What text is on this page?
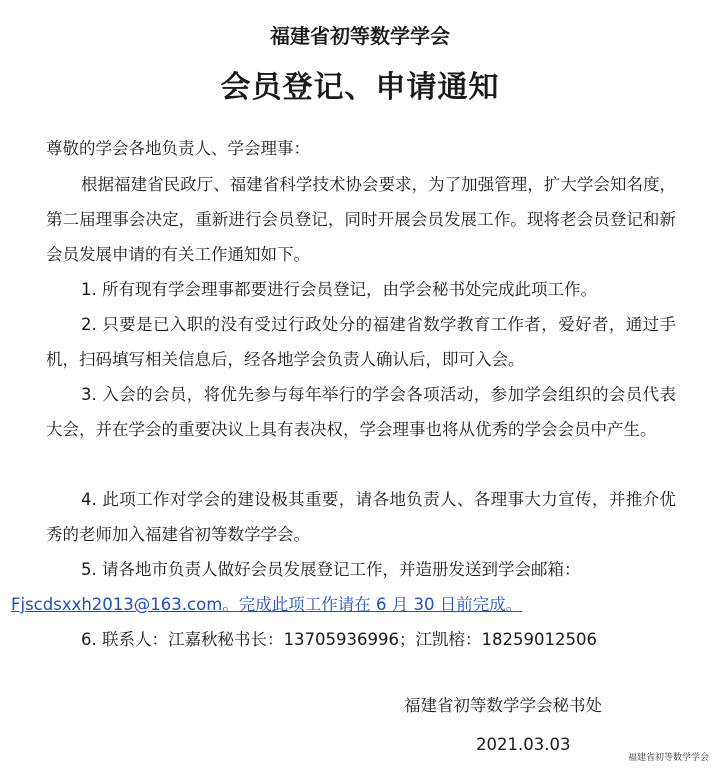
福建省初等数学学会
会员登记、申请通知
尊敬的学会各地负责人、学会理事：

根据福建省民政厅、福建省科学技术协会要求，为了加强管理，扩大学会知名度，第二届理事会决定，重新进行会员登记，同时开展会员发展工作。现将老会员登记和新会员发展申请的有关工作通知如下。

1. 所有现有学会理事都要进行会员登记，由学会秘书处完成此项工作。

2. 只要是已入职的没有受过行政处分的福建省数学教育工作者，爱好者，通过手机，扫码填写相关信息后，经各地学会负责人确认后，即可入会。

3. 入会的会员，将优先参与每年举行的学会各项活动，参加学会组织的会员代表大会，并在学会的重要决议上具有表决权，学会理事也将从优秀的学会会员中产生。

4. 此项工作对学会的建设极其重要，请各地负责人、各理事大力宣传，并推介优秀的老师加入福建省初等数学学会。

5. 请各地市负责人做好会员发展登记工作，并造册发送到学会邮箱：
Fjscdsxxh2013@163.com。完成此项工作请在 6 月 30 日前完成。

6. 联系人：江嘉秋秘书长：13705936996；江凯榕：18259012506

福建省初等数学学会秘书处
2021.03.03
福建省初等数学学会
